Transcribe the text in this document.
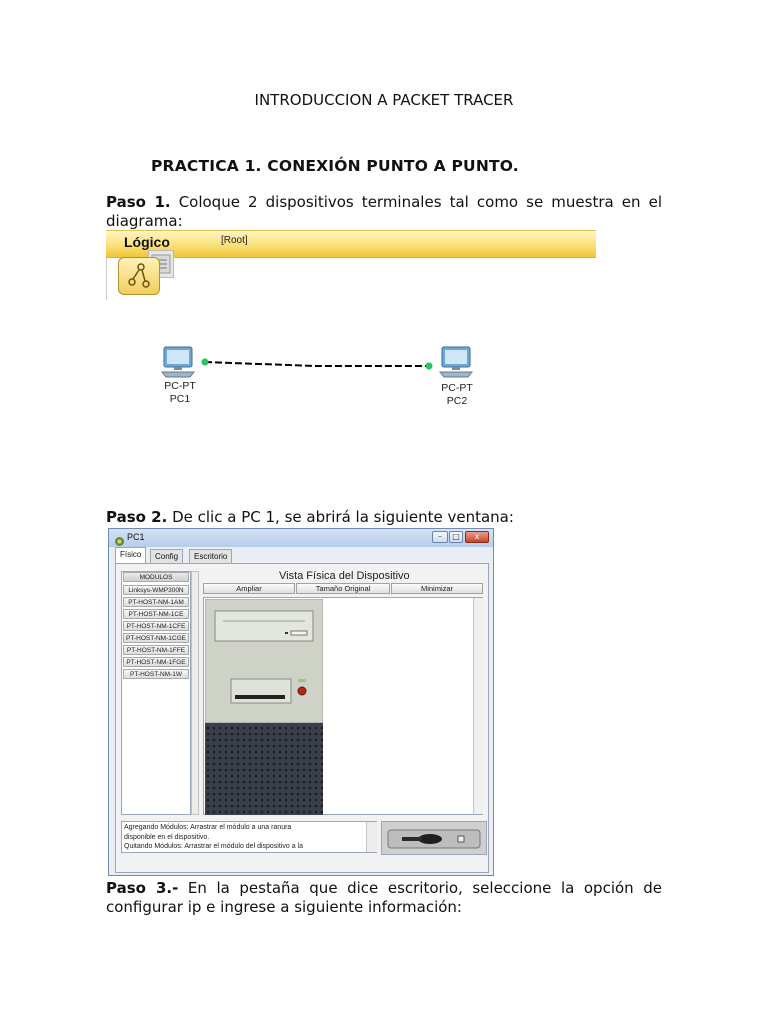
INTRODUCCION A PACKET TRACER
PRACTICA 1. CONEXIÓN PUNTO A PUNTO.
Paso 1. Coloque 2 dispositivos terminales tal como se muestra en el
diagrama:
Lógico	[Root]
PC-PT
PC1
PC-PT
PC2
Paso 2. De clic a PC 1, se abrirá la siguiente ventana:
PC1	–	□	x
Físico	Config	Escritorio
MODULOS
Linksys-WMP300N
PT-HOST-NM-1AM
PT-HOST-NM-1CE
PT-HOST-NM-1CFE
PT-HOST-NM-1CGE
PT-HOST-NM-1FFE
PT-HOST-NM-1FGE
PT-HOST-NM-1W
Vista Física del Dispositivo
Ampliar	Tamaño Original	Minimizar
Agregando Módulos: Arrastrar el módulo a una ranura
disponible en el dispositivo.
Quitando Módulos: Arrastrar el módulo del dispositivo a la
Paso 3.- En la pestaña que dice escritorio, seleccione la opción de
configurar ip e ingrese a siguiente información:
